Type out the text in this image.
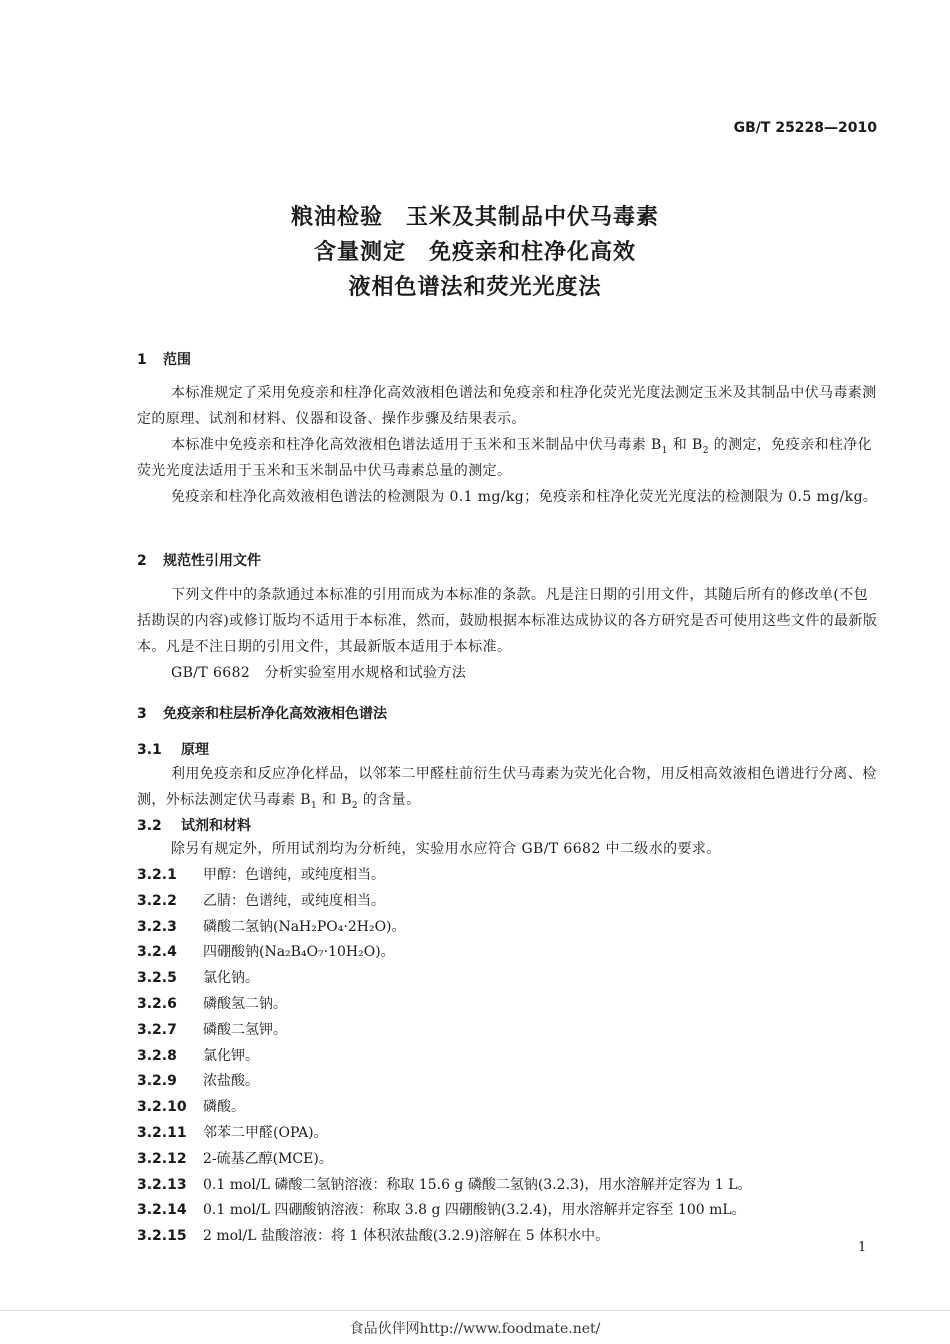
GB/T 25228—2010
粮油检验　玉米及其制品中伏马毒素
含量测定　免疫亲和柱净化高效
液相色谱法和荧光光度法
1 范围
本标准规定了采用免疫亲和柱净化高效液相色谱法和免疫亲和柱净化荧光光度法测定玉米及其制品中伏马毒素测定的原理、试剂和材料、仪器和设备、操作步骤及结果表示。
本标准中免疫亲和柱净化高效液相色谱法适用于玉米和玉米制品中伏马毒素 $B_1$ 和 $B_2$ 的测定，免疫亲和柱净化荧光光度法适用于玉米和玉米制品中伏马毒素总量的测定。
免疫亲和柱净化高效液相色谱法的检测限为 0.1 mg/kg；免疫亲和柱净化荧光光度法的检测限为 0.5 mg/kg。
2 规范性引用文件
下列文件中的条款通过本标准的引用而成为本标准的条款。凡是注日期的引用文件，其随后所有的修改单(不包括勘误的内容)或修订版均不适用于本标准，然而，鼓励根据本标准达成协议的各方研究是否可使用这些文件的最新版本。凡是不注日期的引用文件，其最新版本适用于本标准。
GB/T 6682　分析实验室用水规格和试验方法
3 免疫亲和柱层析净化高效液相色谱法
3.1 原理
利用免疫亲和反应净化样品，以邻苯二甲醛柱前衍生伏马毒素为荧光化合物，用反相高效液相色谱进行分离、检测，外标法测定伏马毒素 $B_1$ 和 $B_2$ 的含量。
3.2 试剂和材料
除另有规定外，所用试剂均为分析纯，实验用水应符合 GB/T 6682 中二级水的要求。
3.2.1 甲醇：色谱纯，或纯度相当。
3.2.2 乙腈：色谱纯，或纯度相当。
3.2.3 磷酸二氢钠(NaH₂PO₄·2H₂O)。
3.2.4 四硼酸钠(Na₂B₄O₇·10H₂O)。
3.2.5 氯化钠。
3.2.6 磷酸氢二钠。
3.2.7 磷酸二氢钾。
3.2.8 氯化钾。
3.2.9 浓盐酸。
3.2.10 磷酸。
3.2.11 邻苯二甲醛(OPA)。
3.2.12 2-硫基乙醇(MCE)。
3.2.13 0.1 mol/L 磷酸二氢钠溶液：称取 15.6 g 磷酸二氢钠(3.2.3)，用水溶解并定容为 1 L。
3.2.14 0.1 mol/L 四硼酸钠溶液：称取 3.8 g 四硼酸钠(3.2.4)，用水溶解并定容至 100 mL。
3.2.15 2 mol/L 盐酸溶液：将 1 体积浓盐酸(3.2.9)溶解在 5 体积水中。
1
食品伙伴网http://www.foodmate.net/
